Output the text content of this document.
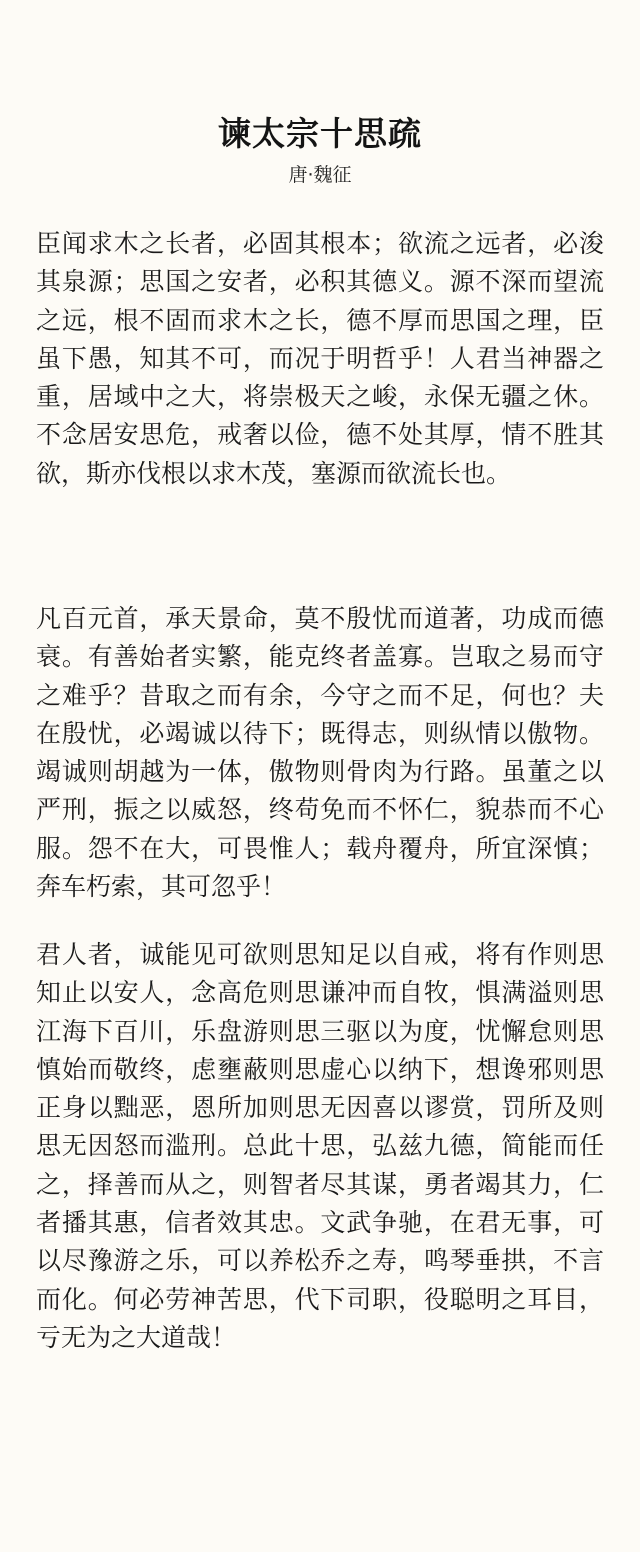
谏太宗十思疏
唐·魏征

臣闻求木之长者，必固其根本；欲流之远者，必浚其泉源；思国之安者，必积其德义。源不深而望流之远，根不固而求木之长，德不厚而思国之理，臣虽下愚，知其不可，而况于明哲乎！人君当神器之重，居域中之大，将崇极天之峻，永保无疆之休。不念居安思危，戒奢以俭，德不处其厚，情不胜其欲，斯亦伐根以求木茂，塞源而欲流长也。

凡百元首，承天景命，莫不殷忧而道著，功成而德衰。有善始者实繁，能克终者盖寡。岂取之易而守之难乎？昔取之而有余，今守之而不足，何也？夫在殷忧，必竭诚以待下；既得志，则纵情以傲物。竭诚则胡越为一体，傲物则骨肉为行路。虽董之以严刑，振之以威怒，终苟免而不怀仁，貌恭而不心服。怨不在大，可畏惟人；载舟覆舟，所宜深慎；奔车朽索，其可忽乎！

君人者，诚能见可欲则思知足以自戒，将有作则思知止以安人，念高危则思谦冲而自牧，惧满溢则思江海下百川，乐盘游则思三驱以为度，忧懈怠则思慎始而敬终，虑壅蔽则思虚心以纳下，想谗邪则思正身以黜恶，恩所加则思无因喜以谬赏，罚所及则思无因怒而滥刑。总此十思，弘兹九德，简能而任之，择善而从之，则智者尽其谋，勇者竭其力，仁者播其惠，信者效其忠。文武争驰，在君无事，可以尽豫游之乐，可以养松乔之寿，鸣琴垂拱，不言而化。何必劳神苦思，代下司职，役聪明之耳目，亏无为之大道哉！
